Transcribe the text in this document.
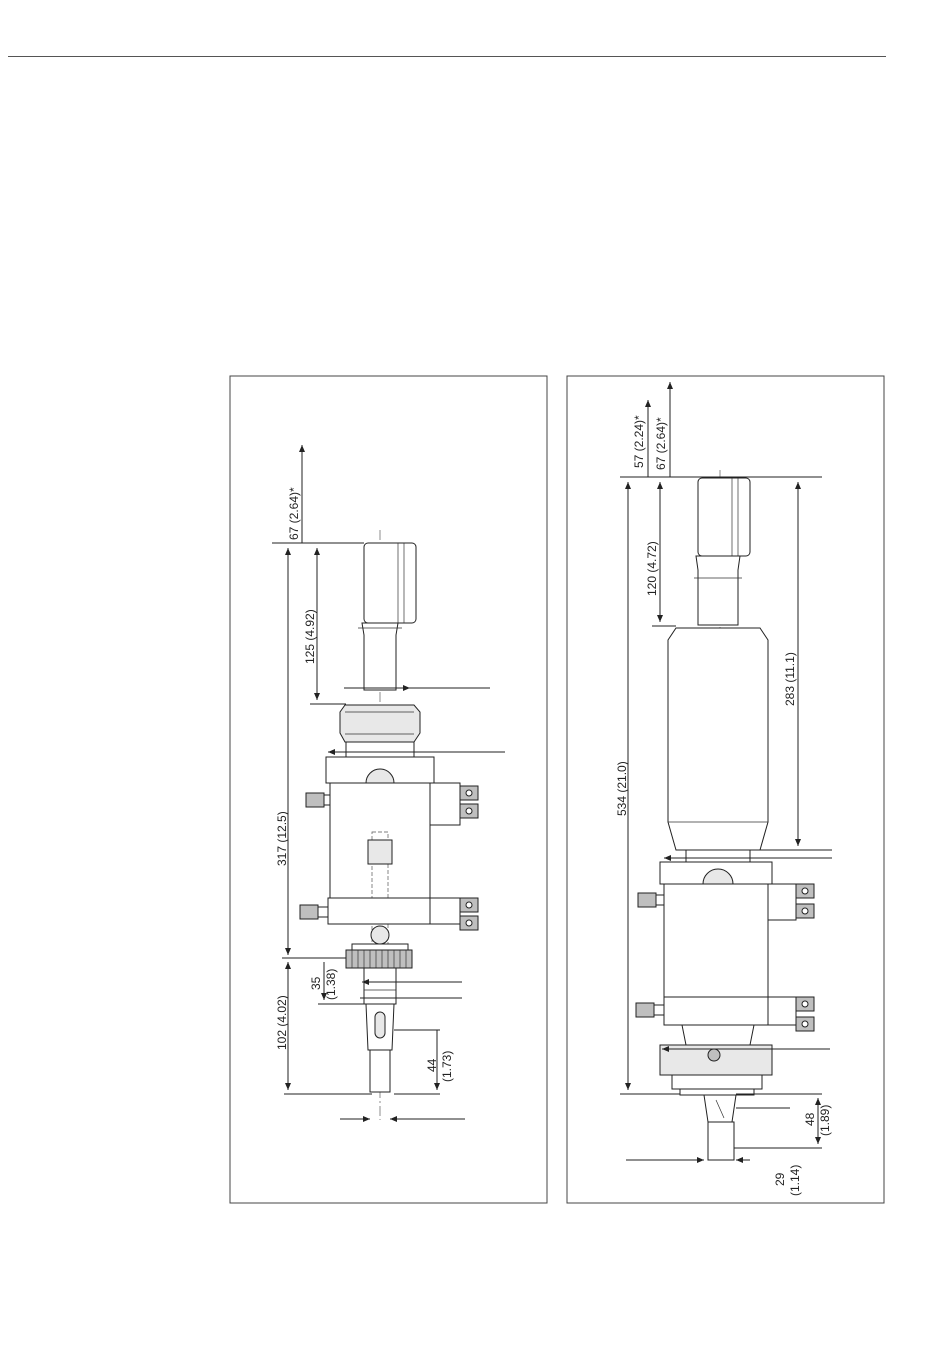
67 (2.64)*
125 (4.92)
317 (12.5)
35 (1.38)
102 (4.02)
44 (1.73)
57 (2.24)* 67 (2.64)*
120 (4.72)
283 (11.1)
534 (21.0)
48 (1.89)
29 (1.14)
